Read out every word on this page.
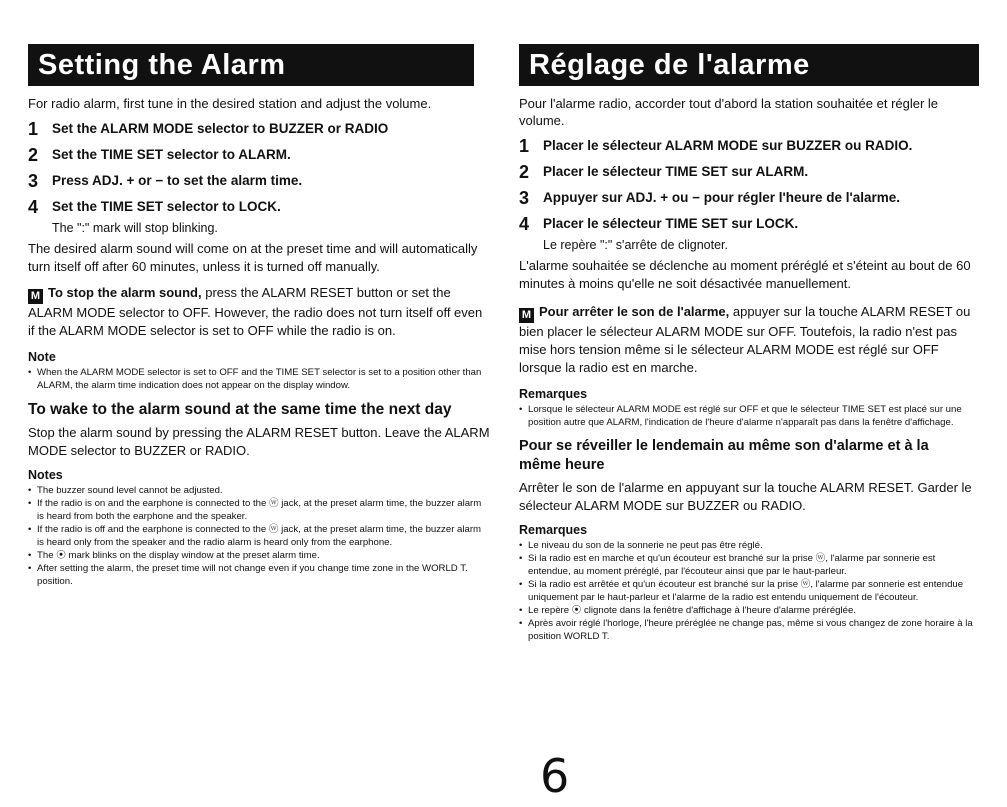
Setting the Alarm

For radio alarm, first tune in the desired station and adjust the volume.

1	Set the ALARM MODE selector to BUZZER or RADIO
2	Set the TIME SET selector to ALARM.
3	Press ADJ. + or − to set the alarm time.
4	Set the TIME SET selector to LOCK.

The ":" mark will stop blinking.

The desired alarm sound will come on at the preset time and will automatically turn itself off after 60 minutes, unless it is turned off manually.

M To stop the alarm sound, press the ALARM RESET button or set the ALARM MODE selector to OFF. However, the radio does not turn itself off even if the ALARM MODE selector is set to OFF while the radio is on.

Note
• When the ALARM MODE selector is set to OFF and the TIME SET selector is set to a position other than ALARM, the alarm time indication does not appear on the display window.
To wake to the alarm sound at the same time the next day

Stop the alarm sound by pressing the ALARM RESET button. Leave the ALARM MODE selector to BUZZER or RADIO.

Notes
• The buzzer sound level cannot be adjusted.
• If the radio is on and the earphone is connected to the ⓦ jack, at the preset alarm time, the buzzer alarm is heard from both the earphone and the speaker.
• If the radio is off and the earphone is connected to the ⓦ jack, at the preset alarm time, the buzzer alarm is heard only from the speaker and the radio alarm is heard only from the earphone.
• The ⦿ mark blinks on the display window at the preset alarm time.
• After setting the alarm, the preset time will not change even if you change time zone in the WORLD T. position.
Réglage de l'alarme

Pour l'alarme radio, accorder tout d'abord la station souhaitée et régler le volume.

1	Placer le sélecteur ALARM MODE sur BUZZER ou RADIO.
2	Placer le sélecteur TIME SET sur ALARM.
3	Appuyer sur ADJ. + ou − pour régler l'heure de l'alarme.
4	Placer le sélecteur TIME SET sur LOCK.

Le repère ":" s'arrête de clignoter.

L'alarme souhaitée se déclenche au moment préréglé et s'éteint au bout de 60 minutes à moins qu'elle ne soit désactivée manuellement.

M Pour arrêter le son de l'alarme, appuyer sur la touche ALARM RESET ou bien placer le sélecteur ALARM MODE sur OFF. Toutefois, la radio n'est pas mise hors tension même si le sélecteur ALARM MODE est réglé sur OFF lorsque la radio est en marche.

Remarques
• Lorsque le sélecteur ALARM MODE est réglé sur OFF et que le sélecteur TIME SET est placé sur une position autre que ALARM, l'indication de l'heure d'alarme n'apparaît pas dans la fenêtre d'affichage.
Pour se réveiller le lendemain au même son d'alarme et à la même heure

Arrêter le son de l'alarme en appuyant sur la touche ALARM RESET. Garder le sélecteur ALARM MODE sur BUZZER ou RADIO.

Remarques
• Le niveau du son de la sonnerie ne peut pas être réglé.
• Si la radio est en marche et qu'un écouteur est branché sur la prise ⓦ, l'alarme par sonnerie est entendue, au moment préréglé, par l'écouteur ainsi que par le haut-parleur.
• Si la radio est arrêtée et qu'un écouteur est branché sur la prise ⓦ, l'alarme par sonnerie est entendue uniquement par le haut-parleur et l'alarme de la radio est entendu uniquement de l'écouteur.
• Le repère ⦿ clignote dans la fenêtre d'affichage à l'heure d'alarme préréglée.
• Après avoir réglé l'horloge, l'heure préréglée ne change pas, même si vous changez de zone horaire à la position WORLD T.
6
